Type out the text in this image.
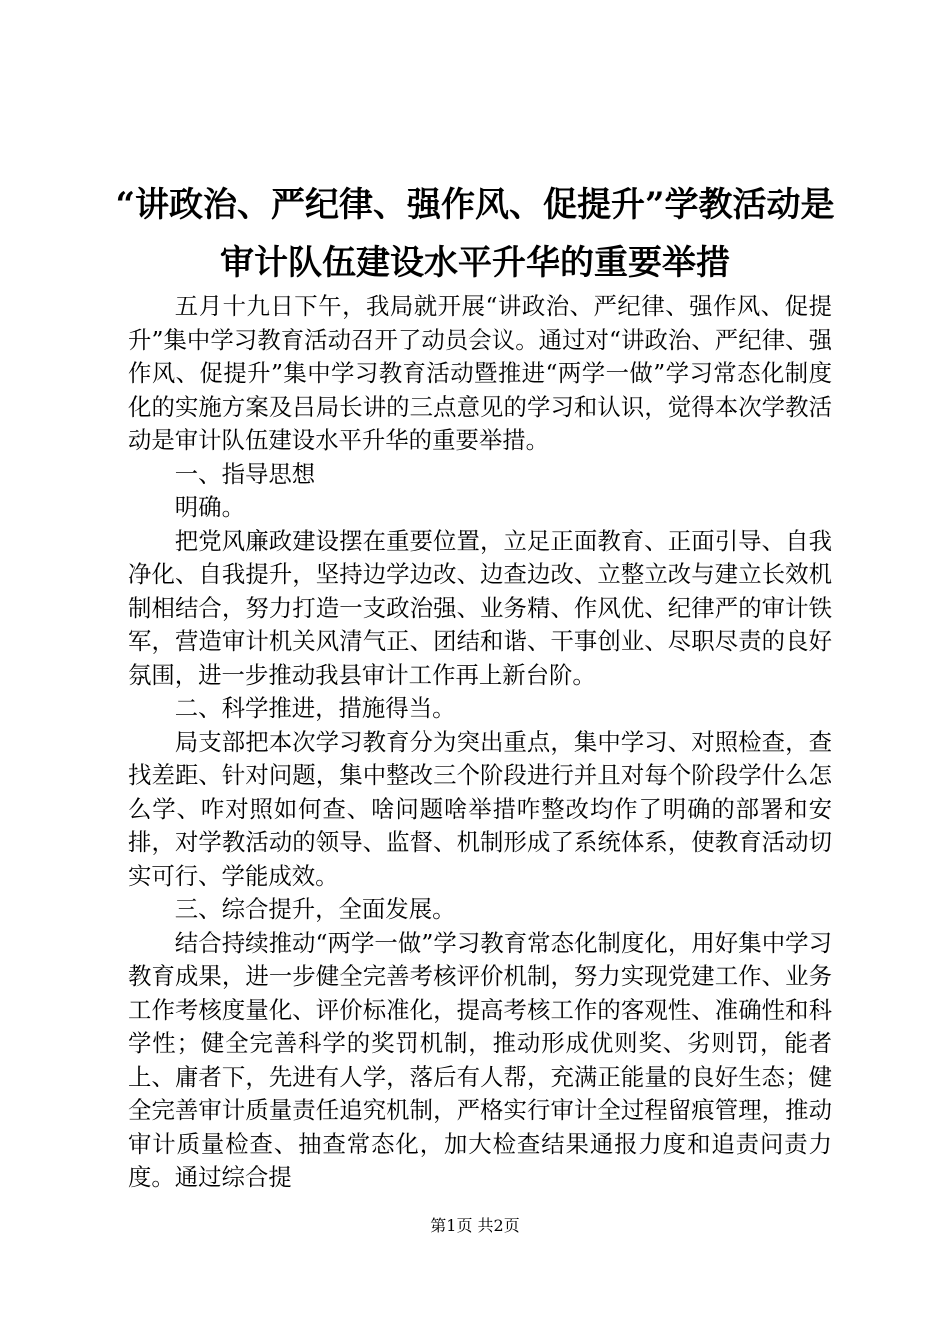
“讲政治、严纪律、强作风、促提升”学教活动是审计队伍建设水平升华的重要举措

五月十九日下午，我局就开展“讲政治、严纪律、强作风、促提升”集中学习教育活动召开了动员会议。通过对“讲政治、严纪律、强作风、促提升”集中学习教育活动暨推进“两学一做”学习常态化制度化的实施方案及吕局长讲的三点意见的学习和认识，觉得本次学教活动是审计队伍建设水平升华的重要举措。

一、指导思想

明确。

把党风廉政建设摆在重要位置，立足正面教育、正面引导、自我净化、自我提升，坚持边学边改、边查边改、立整立改与建立长效机制相结合，努力打造一支政治强、业务精、作风优、纪律严的审计铁军，营造审计机关风清气正、团结和谐、干事创业、尽职尽责的良好氛围，进一步推动我县审计工作再上新台阶。

二、科学推进，措施得当。

局支部把本次学习教育分为突出重点，集中学习、对照检查，查找差距、针对问题，集中整改三个阶段进行并且对每个阶段学什么怎么学、咋对照如何查、啥问题啥举措咋整改均作了明确的部署和安排，对学教活动的领导、监督、机制形成了系统体系，使教育活动切实可行、学能成效。

三、综合提升，全面发展。

结合持续推动“两学一做”学习教育常态化制度化，用好集中学习教育成果，进一步健全完善考核评价机制，努力实现党建工作、业务工作考核度量化、评价标准化，提高考核工作的客观性、准确性和科学性；健全完善科学的奖罚机制，推动形成优则奖、劣则罚，能者上、庸者下，先进有人学，落后有人帮，充满正能量的良好生态；健全完善审计质量责任追究机制，严格实行审计全过程留痕管理，推动审计质量检查、抽查常态化，加大检查结果通报力度和追责问责力度。通过综合提

第1页 共2页
